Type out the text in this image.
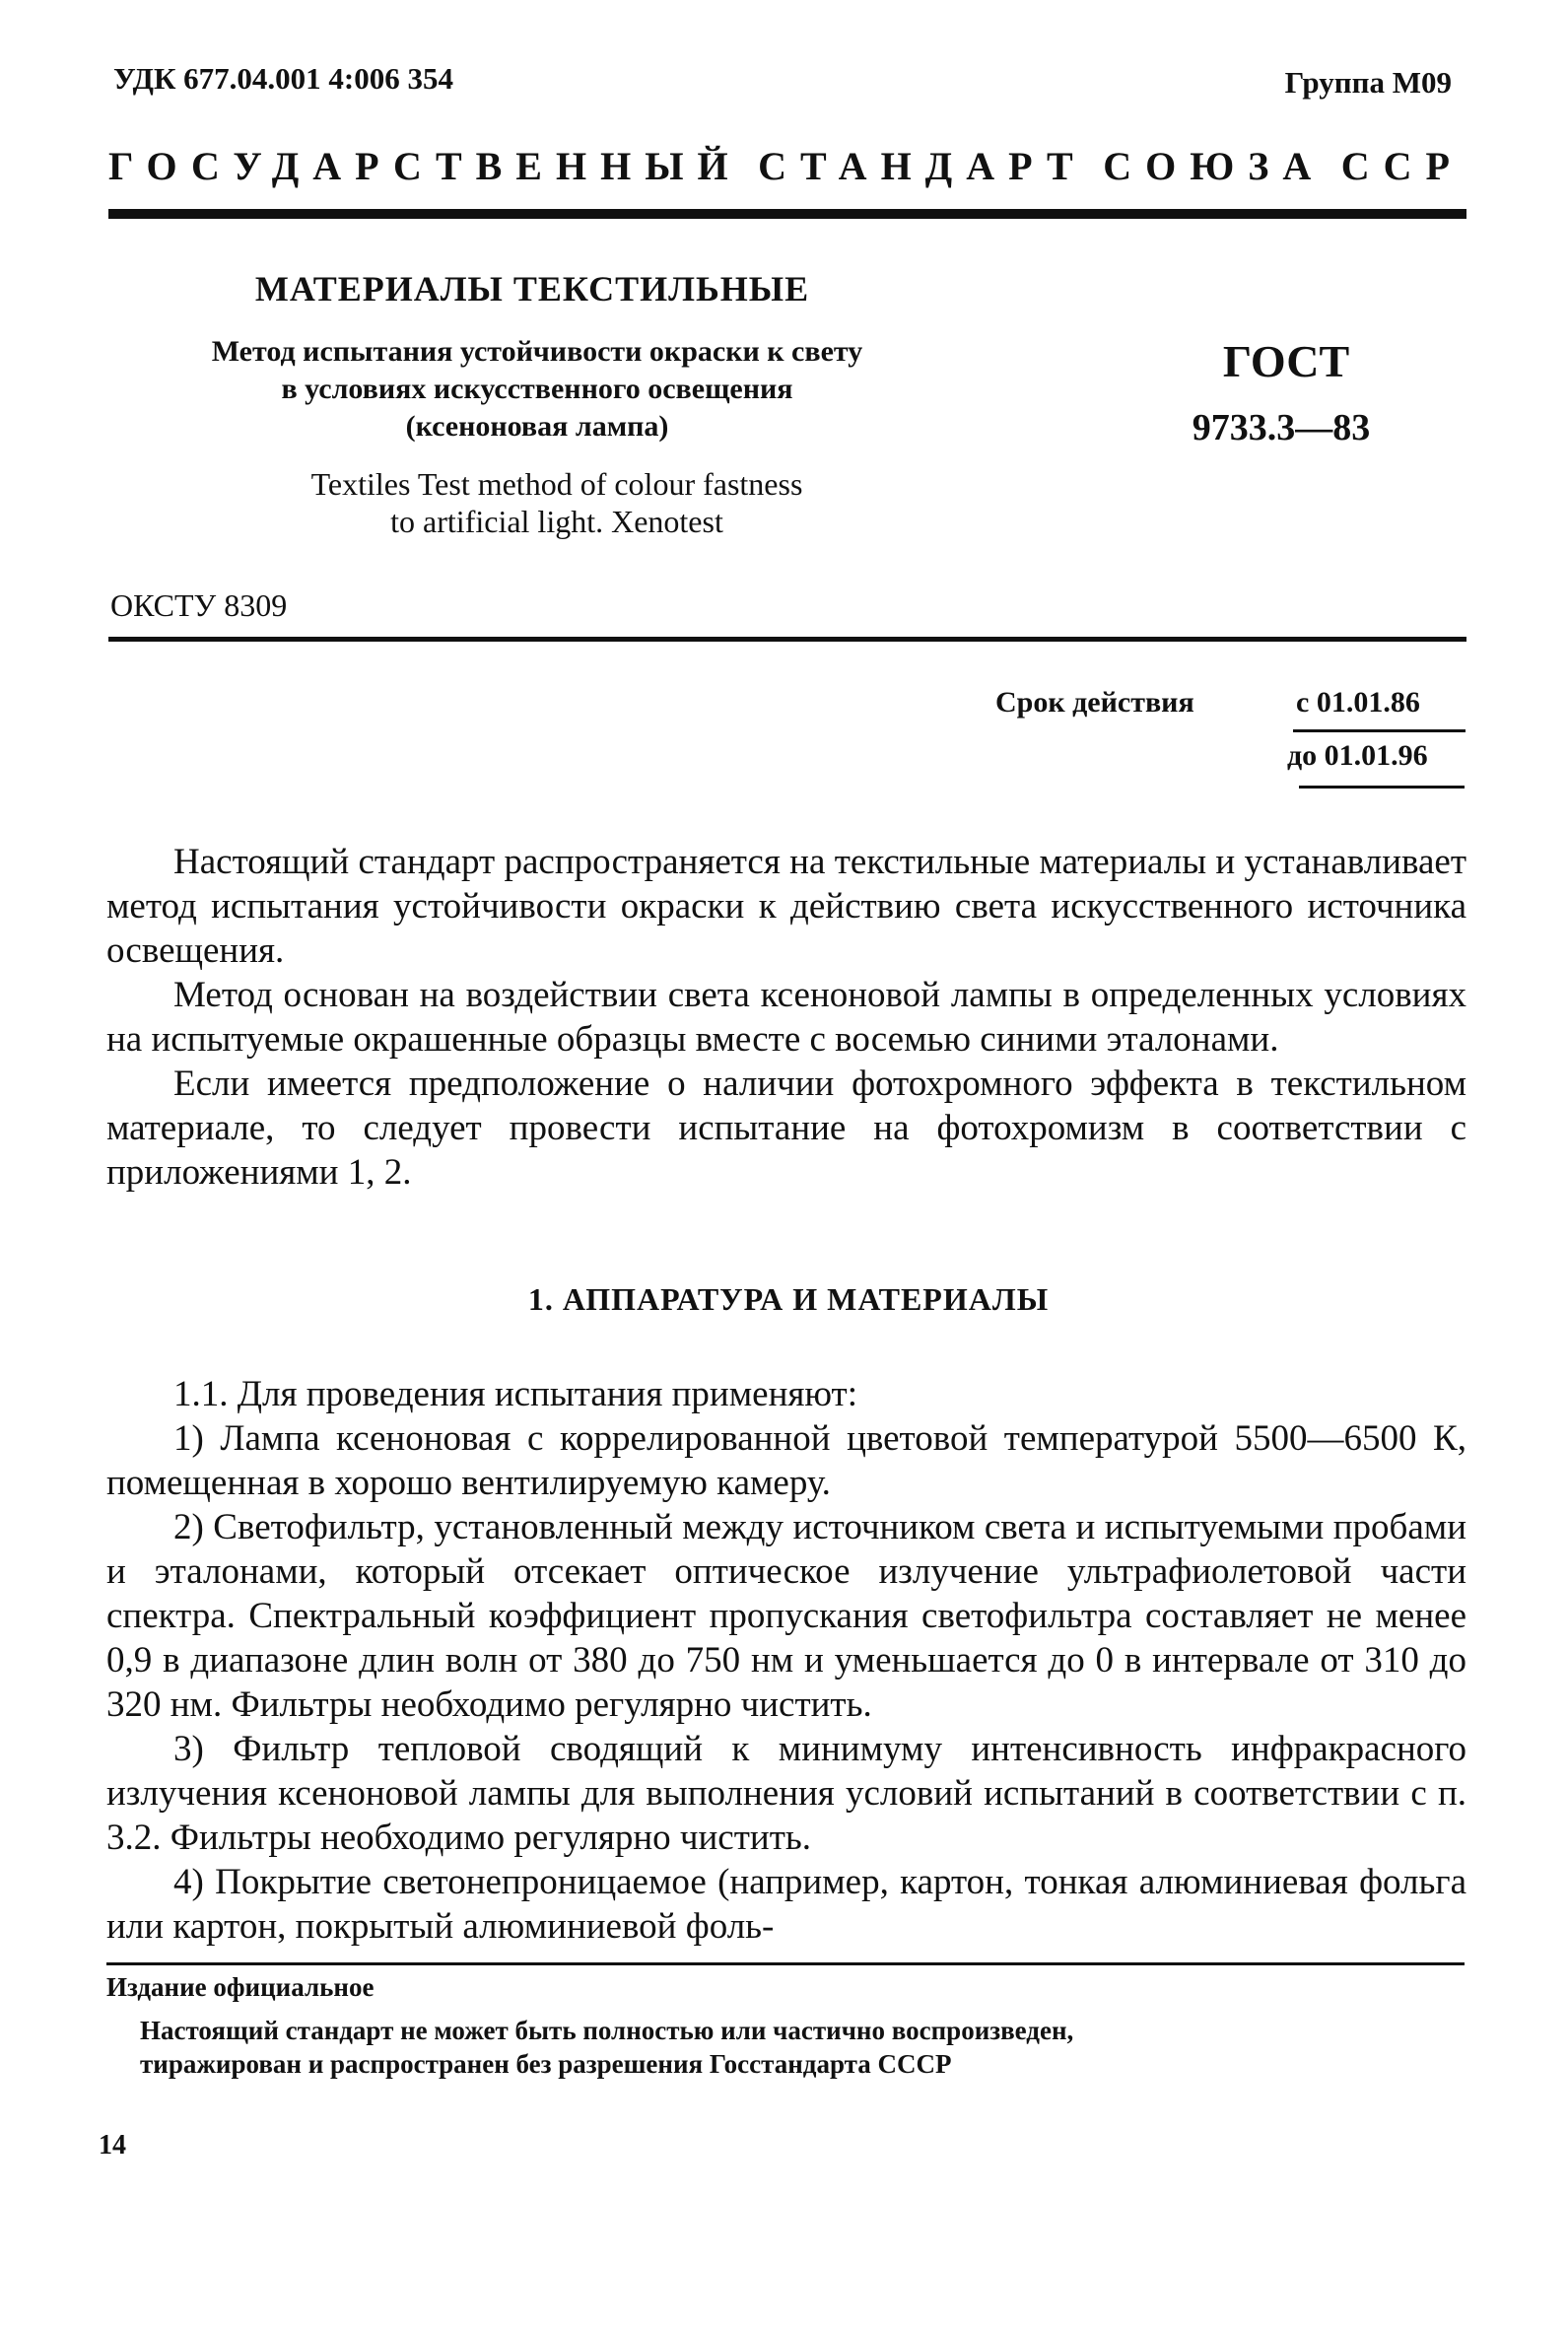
УДК 677.04.001 4:006 354	Группа М09
ГОСУДАРСТВЕННЫЙ СТАНДАРТ СОЮЗА ССР
МАТЕРИАЛЫ ТЕКСТИЛЬНЫЕ
Метод испытания устойчивости окраски к свету
в условиях искусственного освещения
(ксеноновая лампа)
Textiles Test method of colour fastness
to artificial light. Xenotest
ГОСТ
9733.3—83
ОКСТУ 8309
Срок действия	с 01.01.86
до 01.01.96

Настоящий стандарт распространяется на текстильные материалы и устанавливает метод испытания устойчивости окраски к действию света искусственного источника освещения.

Метод основан на воздействии света ксеноновой лампы в определенных условиях на испытуемые окрашенные образцы вместе с восемью синими эталонами.

Если имеется предположение о наличии фотохромного эффекта в текстильном материале, то следует провести испытание на фотохромизм в соответствии с приложениями 1, 2.

1. АППАРАТУРА И МАТЕРИАЛЫ

1.1. Для проведения испытания применяют:

1) Лампа ксеноновая с коррелированной цветовой температурой 5500—6500 К, помещенная в хорошо вентилируемую камеру.

2) Светофильтр, установленный между источником света и испытуемыми пробами и эталонами, который отсекает оптическое излучение ультрафиолетовой части спектра. Спектральный коэффициент пропускания светофильтра составляет не менее 0,9 в диапазоне длин волн от 380 до 750 нм и уменьшается до 0 в интервале от 310 до 320 нм. Фильтры необходимо регулярно чистить.

3) Фильтр тепловой сводящий к минимуму интенсивность инфракрасного излучения ксеноновой лампы для выполнения условий испытаний в соответствии с п. 3.2. Фильтры необходимо регулярно чистить.

4) Покрытие светонепроницаемое (например, картон, тонкая алюминиевая фольга или картон, покрытый алюминиевой фоль-

Издание официальное
Настоящий стандарт не может быть полностью или частично воспроизведен,
тиражирован и распространен без разрешения Госстандарта СССР
14
